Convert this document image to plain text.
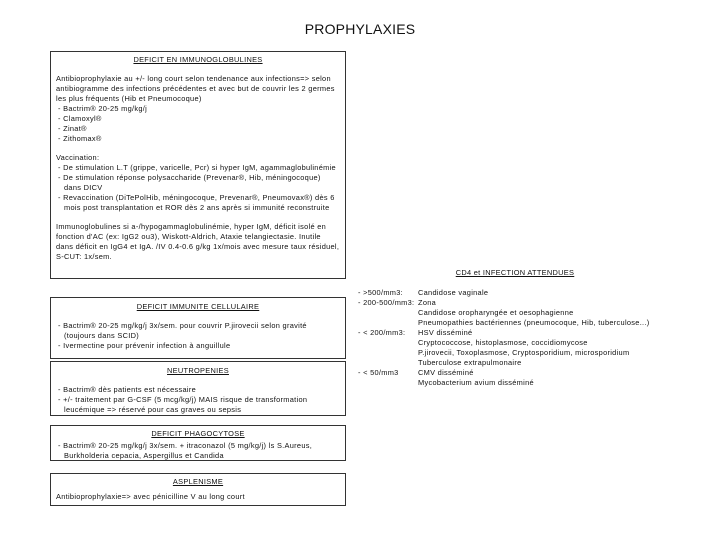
PROPHYLAXIES
DEFICIT EN IMMUNOGLOBULINES

Antibioprophylaxie au +/- long court selon tendenance aux infections=> selon antibiogramme des infections précédentes et avec but de couvrir les 2 germes les plus fréquents (Hib et Pneumocoque)

- Bactrim® 20-25 mg/kg/j
- Clamoxyl®
- Zinat®
- Zithomax®

Vaccination:

- De stimulation L.T (grippe, varicelle, Pcr) si hyper IgM, agammaglobulinémie
- De stimulation réponse polysaccharide (Prevenar®, Hib, méningocoque) dans DICV
- Revaccination (DiTePolHib, méningocoque, Prevenar®, Pneumovax®) dès 6 mois post transplantation et ROR dès 2 ans après si immunité reconstruite

Immunoglobulines si a-/hypogammaglobulinémie, hyper IgM, déficit isolé en fonction d'AC (ex: IgG2 ou3), Wiskott-Aldrich, Ataxie telangiectasie. Inutile dans déficit en IgG4 et IgA. /IV 0.4-0.6 g/kg 1x/mois avec mesure taux résiduel, S-CUT: 1x/sem.

DEFICIT IMMUNITE CELLULAIRE
- Bactrim® 20-25 mg/kg/j 3x/sem. pour couvrir P.jirovecii selon gravité (toujours dans SCID)
- Ivermectine pour prévenir infection à anguillule
NEUTROPENIES
- Bactrim® dès patients est nécessaire
- +/- traitement par G-CSF (5 mcg/kg/j) MAIS risque de transformation leucémique => réservé pour cas graves ou sepsis
DEFICIT PHAGOCYTOSE
- Bactrim® 20-25 mg/kg/j 3x/sem. + itraconazol (5 mg/kg/j) ls S.Aureus, Burkholderia cepacia, Aspergillus et Candida
ASPLENISME

Antibioprophylaxie=> avec pénicilline V au long court

CD4 et INFECTION ATTENDUES
- >500/mm3:	Candidose vaginale

- 200-500/mm3:	Zona
Candidose oropharyngée et oesophagienne
Pneumopathies bactériennes (pneumocoque, Hib, tuberculose...)

- < 200/mm3:	HSV disséminé
Cryptococcose, histoplasmose, coccidiomycose
P.jirovecii, Toxoplasmose, Cryptosporidium, microsporidium
Tuberculose extrapulmonaire

- < 50/mm3	CMV disséminé
Mycobacterium avium disséminé
